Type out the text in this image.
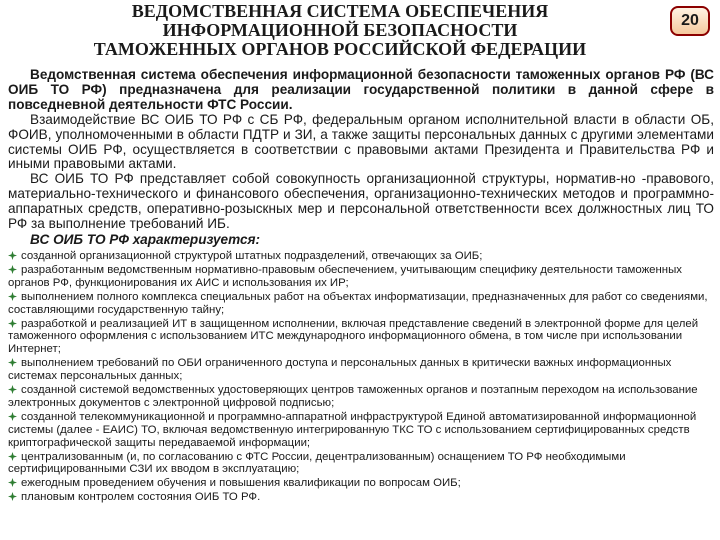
ВЕДОМСТВЕННАЯ СИСТЕМА ОБЕСПЕЧЕНИЯ
ИНФОРМАЦИОННОЙ БЕЗОПАСНОСТИ
ТАМОЖЕННЫХ ОРГАНОВ РОССИЙСКОЙ ФЕДЕРАЦИИ
20

Ведомственная система обеспечения информационной безопасности таможенных органов РФ (ВС ОИБ ТО РФ) предназначена для реализации государственной политики в данной сфере в повседневной деятельности ФТС России.

Взаимодействие ВС ОИБ ТО РФ с СБ РФ, федеральным органом исполнительной власти в области ОБ, ФОИВ, уполномоченными в области ПДТР и ЗИ, а также защиты персональных данных с другими элементами системы ОИБ РФ, осуществляется в соответствии с правовыми актами Президента и Правительства РФ и иными правовыми актами.

ВС ОИБ ТО РФ представляет собой совокупность организационной структуры, норматив-но -правового, материально-технического и финансового обеспечения, организационно-технических методов и программно-аппаратных средств, оперативно-розыскных мер и персональной ответственности всех должностных лиц ТО РФ за выполнение требований ИБ.

ВС ОИБ ТО РФ характеризуется:

созданной организационной структурой штатных подразделений, отвечающих за ОИБ;
разработанным ведомственным нормативно-правовым обеспечением, учитывающим специфику деятельности таможенных органов РФ, функционирования их АИС и использования их ИР;
выполнением полного комплекса специальных работ на объектах информатизации, предназначенных для работ со сведениями, составляющими государственную тайну;
разработкой и реализацией ИТ в защищенном исполнении, включая представление сведений в электронной форме для целей таможенного оформления с использованием ИТС международного информационного обмена, в том числе при использовании Интернет;
выполнением требований по ОБИ ограниченного доступа и персональных данных в критически важных информационных системах персональных данных;
созданной системой ведомственных удостоверяющих центров таможенных органов и поэтапным переходом на использование электронных документов с электронной цифровой подписью;
созданной телекоммуникационной и программно-аппаратной инфраструктурой Единой автоматизированной информационной системы (далее - ЕАИС) ТО, включая ведомственную интегрированную ТКС ТО с использованием сертифицированных средств криптографической защиты передаваемой информации;
централизованным (и, по согласованию с ФТС России, децентрализованным) оснащением ТО РФ необходимыми сертифицированными СЗИ их вводом в эксплуатацию;
ежегодным проведением обучения и повышения квалификации по вопросам ОИБ;
плановым контролем состояния ОИБ ТО РФ.
